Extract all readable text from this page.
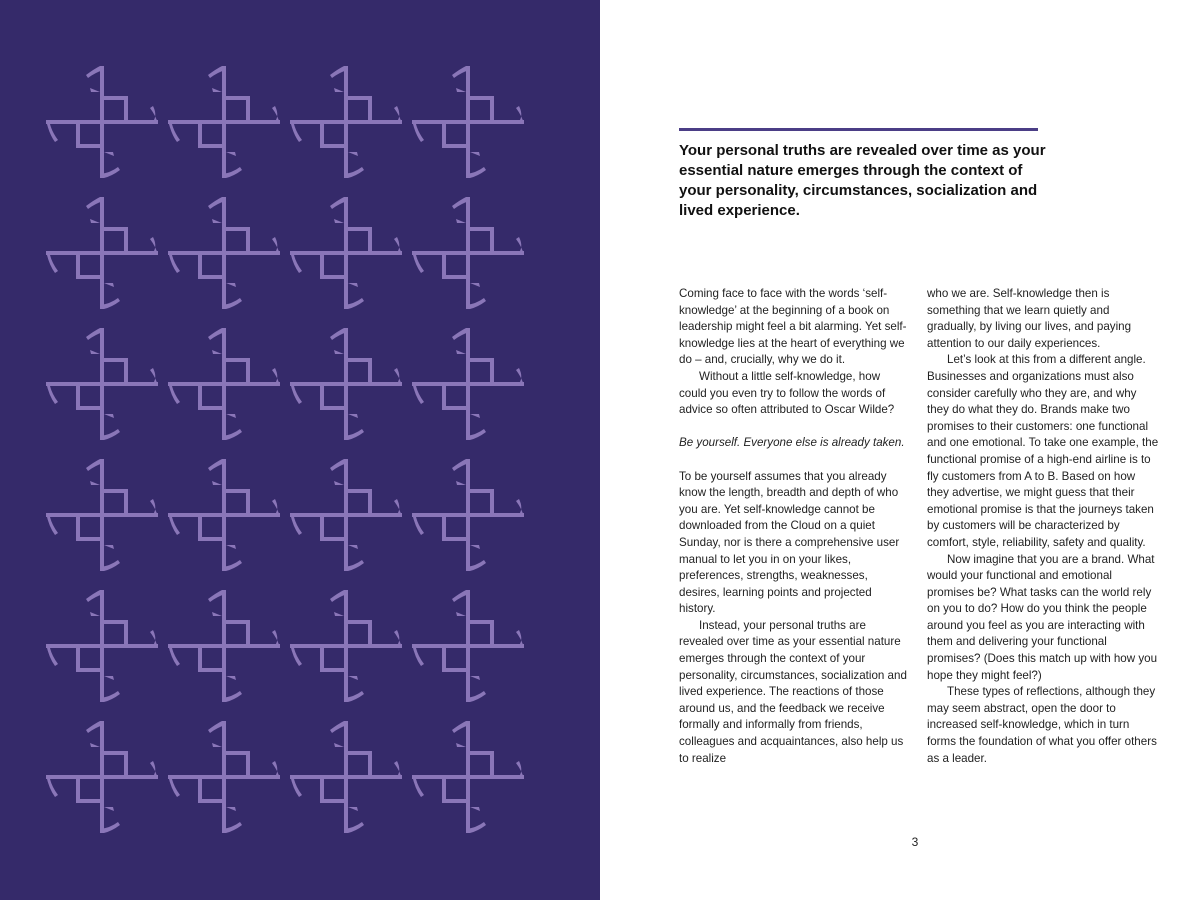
Your personal truths are revealed over time as your essential nature emerges through the context of your personality, circumstances, socialization and lived experience.

Coming face to face with the words ‘self-knowledge’ at the beginning of a book on leadership might feel a bit alarming. Yet self-knowledge lies at the heart of everything we do – and, crucially, why we do it.

Without a little self-knowledge, how could you even try to follow the words of advice so often attributed to Oscar Wilde?

Be yourself. Everyone else is already taken.

To be yourself assumes that you already know the length, breadth and depth of who you are. Yet self-knowledge cannot be downloaded from the Cloud on a quiet Sunday, nor is there a comprehensive user manual to let you in on your likes, preferences, strengths, weaknesses, desires, learning points and projected history.

Instead, your personal truths are revealed over time as your essential nature emerges through the context of your personality, circumstances, socialization and lived experience. The reactions of those around us, and the feedback we receive formally and informally from friends, colleagues and acquaintances, also help us to realize

who we are. Self-knowledge then is something that we learn quietly and gradually, by living our lives, and paying attention to our daily experiences.

Let’s look at this from a different angle. Businesses and organizations must also consider carefully who they are, and why they do what they do. Brands make two promises to their customers: one functional and one emotional. To take one example, the functional promise of a high-end airline is to fly customers from A to B. Based on how they advertise, we might guess that their emotional promise is that the journeys taken by customers will be characterized by comfort, style, reliability, safety and quality.

Now imagine that you are a brand. What would your functional and emotional promises be? What tasks can the world rely on you to do? How do you think the people around you feel as you are interacting with them and delivering your functional promises? (Does this match up with how you hope they might feel?)

These types of reflections, although they may seem abstract, open the door to increased self-knowledge, which in turn forms the foundation of what you offer others as a leader.

3
